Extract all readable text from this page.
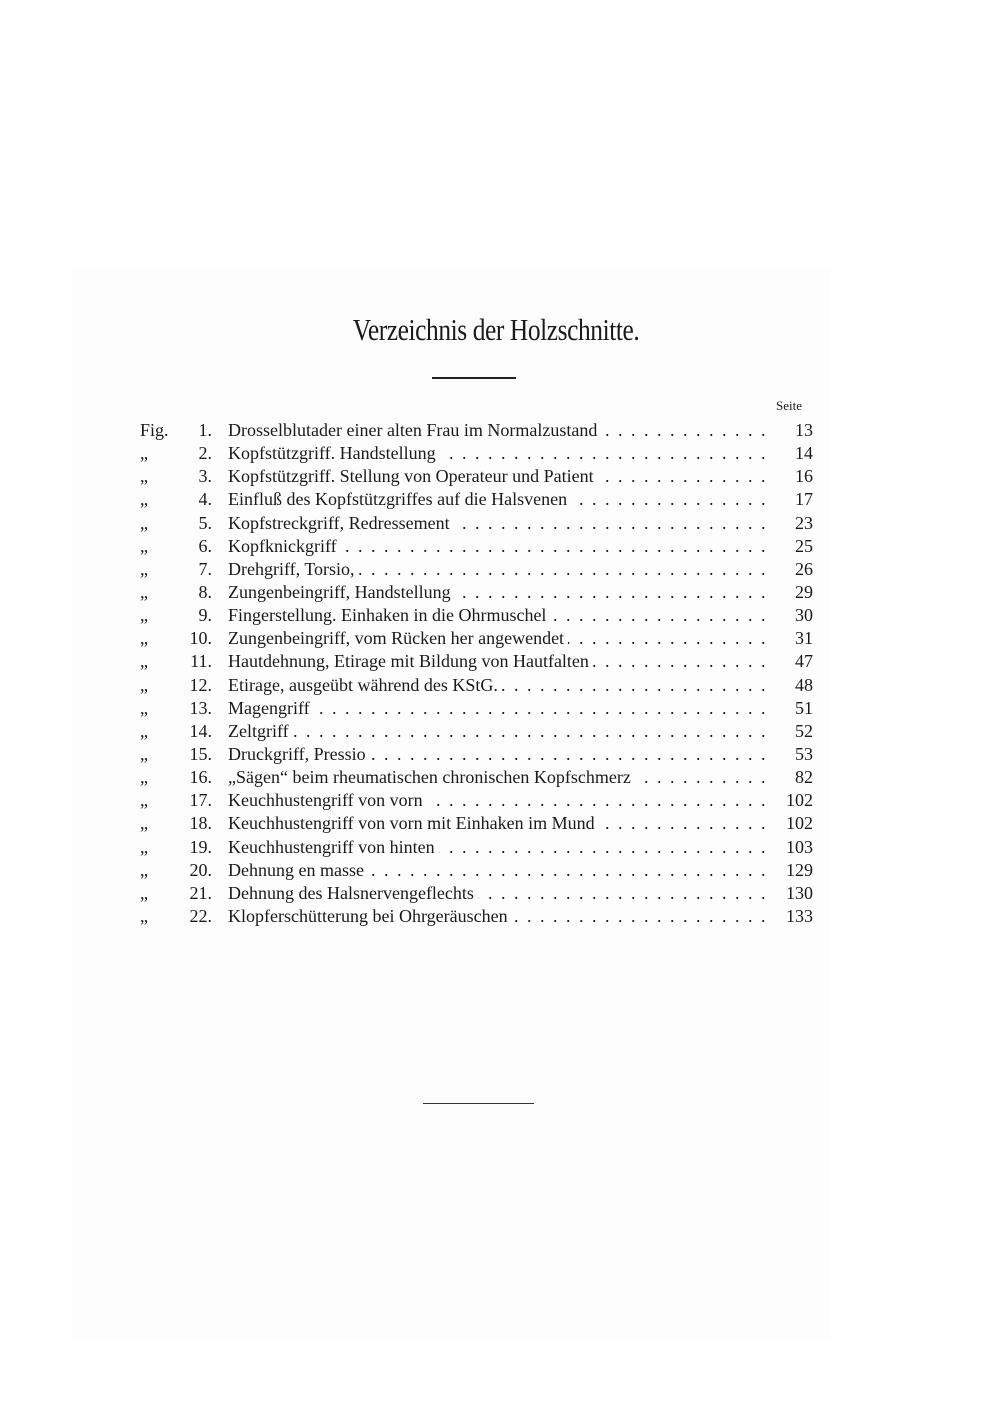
Verzeichnis der Holzschnitte.
Seite
Fig.	1. Drosselblutader einer alten Frau im Normalzustand . . .	13
„	2. Kopfstützgriff. Handstellung . . .	14
„	3. Kopfstützgriff. Stellung von Operateur und Patient . . .	16
„	4. Einfluß des Kopfstützgriffes auf die Halsvenen . . .	17
„	5. Kopfstreckgriff, Redressement . . .	23
„	6. Kopfknickgriff . . .	25
„	7. Drehgriff, Torsio, . . .	26
„	8. Zungenbeingriff, Handstellung . . .	29
„	9. Fingerstellung. Einhaken in die Ohrmuschel . . .	30
„	10. Zungenbeingriff, vom Rücken her angewendet . . .	31
„	11. Hautdehnung, Etirage mit Bildung von Hautfalten . . .	47
„	12. Etirage, ausgeübt während des KStG. . . .	48
„	13. Magengriff . . .	51
„	14. Zeltgriff . . .	52
„	15. Druckgriff, Pressio . . .	53
„	16. „Sägen“ beim rheumatischen chronischen Kopfschmerz . . .	82
„	17. Keuchhustengriff von vorn . . .	102
„	18. Keuchhustengriff von vorn mit Einhaken im Mund . . .	102
„	19. Keuchhustengriff von hinten . . .	103
„	20. Dehnung en masse . . .	129
„	21. Dehnung des Halsnervengeflechts . . .	130
„	22. Klopferschütterung bei Ohrgeräuschen . . .	133
